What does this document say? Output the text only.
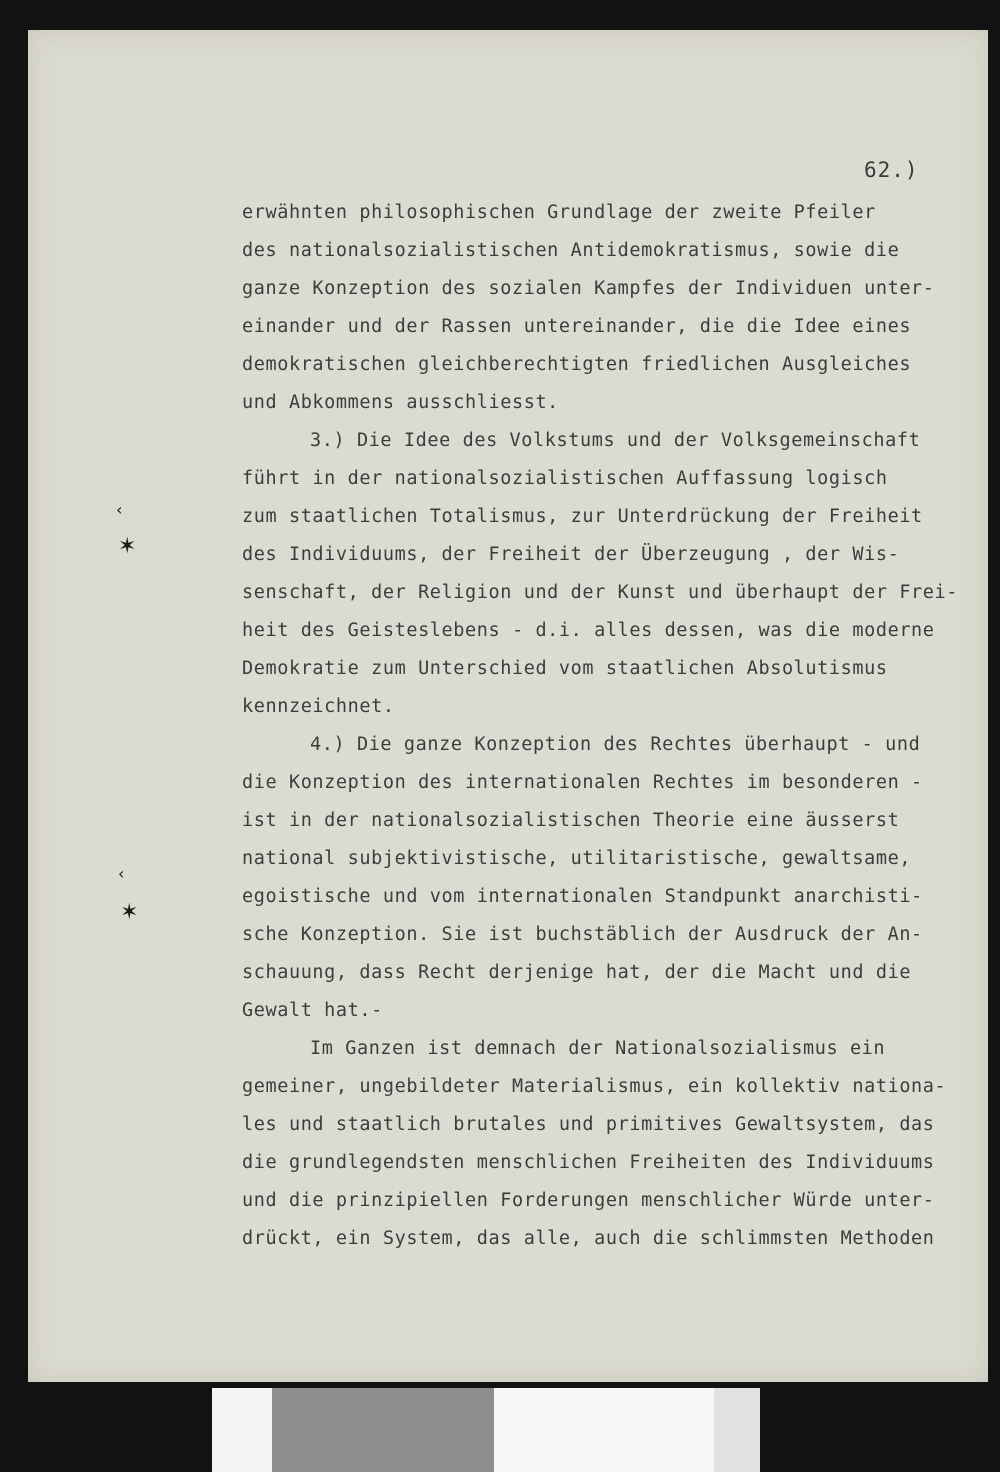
62.)
erwähnten philosophischen Grundlage der zweite Pfeiler
des nationalsozialistischen Antidemokratismus, sowie die
ganze Konzeption des sozialen Kampfes der Individuen unter-
einander und der Rassen untereinander, die die Idee eines
demokratischen gleichberechtigten friedlichen Ausgleiches
und Abkommens ausschliesst.
3.) Die Idee des Volkstums und der Volksgemeinschaft
führt in der nationalsozialistischen Auffassung logisch
zum staatlichen Totalismus, zur Unterdrückung der Freiheit
des Individuums, der Freiheit der Überzeugung , der Wis-
senschaft, der Religion und der Kunst und überhaupt der Frei-
heit des Geisteslebens - d.i. alles dessen, was die moderne
Demokratie zum Unterschied vom staatlichen Absolutismus
kennzeichnet.
4.) Die ganze Konzeption des Rechtes überhaupt - und
die Konzeption des internationalen Rechtes im besonderen -
ist in der nationalsozialistischen Theorie eine äusserst
national subjektivistische, utilitaristische, gewaltsame,
egoistische und vom internationalen Standpunkt anarchisti-
sche Konzeption. Sie ist buchstäblich der Ausdruck der An-
schauung, dass Recht derjenige hat, der die Macht und die
Gewalt hat.-
Im Ganzen ist demnach der Nationalsozialismus ein
gemeiner, ungebildeter Materialismus, ein kollektiv nationa-
les und staatlich brutales und primitives Gewaltsystem, das
die grundlegendsten menschlichen Freiheiten des Individuums
und die prinzipiellen Forderungen menschlicher Würde unter-
drückt, ein System, das alle, auch die schlimmsten Methoden
‹
✶
‹
✶
